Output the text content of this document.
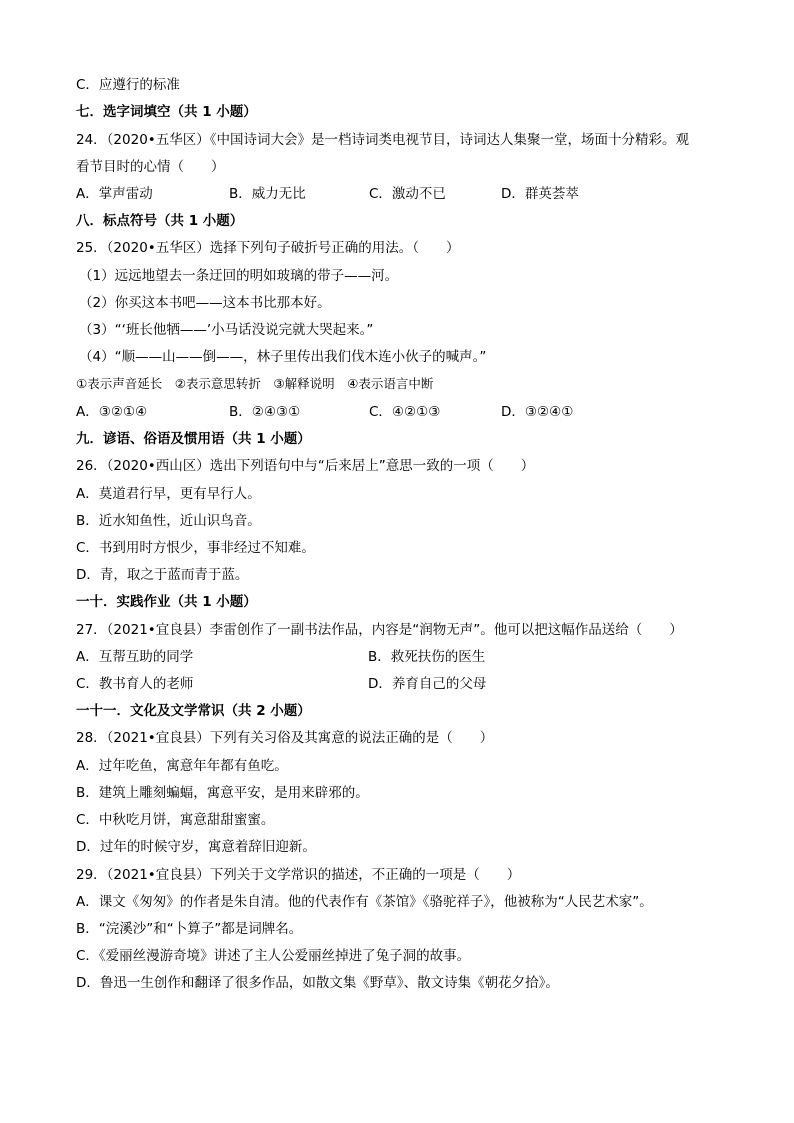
C．应遵行的标准
七．选字词填空（共 1 小题）
24．（2020•五华区）《中国诗词大会》是一档诗词类电视节目，诗词达人集聚一堂，场面十分精彩。观
看节目时的心情（　　）
A．掌声雷动	B．威力无比	C．激动不已	D．群英荟萃
八．标点符号（共 1 小题）
25．（2020•五华区）选择下列句子破折号正确的用法。（　　）
（1）远远地望去一条迂回的明如玻璃的带子——河。
（2）你买这本书吧——这本书比那本好。
（3）“‘班长他牺——’小马话没说完就大哭起来。”
（4）“顺——山——倒——，林子里传出我们伐木连小伙子的喊声。”
①表示声音延长　②表示意思转折　③解释说明　④表示语言中断
A．③②①④	B．②④③①	C．④②①③	D．③②④①
九．谚语、俗语及惯用语（共 1 小题）
26．（2020•西山区）选出下列语句中与“后来居上”意思一致的一项（　　）
A．莫道君行早，更有早行人。
B．近水知鱼性，近山识鸟音。
C．书到用时方恨少，事非经过不知难。
D．青，取之于蓝而青于蓝。
一十．实践作业（共 1 小题）
27．（2021•宜良县）李雷创作了一副书法作品，内容是“润物无声”。他可以把这幅作品送给（　　）
A．互帮互助的同学	B．救死扶伤的医生
C．教书育人的老师	D．养育自己的父母
一十一．文化及文学常识（共 2 小题）
28．（2021•宜良县）下列有关习俗及其寓意的说法正确的是（　　）
A．过年吃鱼，寓意年年都有鱼吃。
B．建筑上雕刻蝙蝠，寓意平安，是用来辟邪的。
C．中秋吃月饼，寓意甜甜蜜蜜。
D．过年的时候守岁，寓意着辞旧迎新。
29．（2021•宜良县）下列关于文学常识的描述，不正确的一项是（　　）
A．课文《匆匆》的作者是朱自清。他的代表作有《茶馆》《骆驼祥子》，他被称为“人民艺术家”。
B．“浣溪沙”和“卜算子”都是词牌名。
C．《爱丽丝漫游奇境》讲述了主人公爱丽丝掉进了兔子洞的故事。
D．鲁迅一生创作和翻译了很多作品，如散文集《野草》、散文诗集《朝花夕拾》。
